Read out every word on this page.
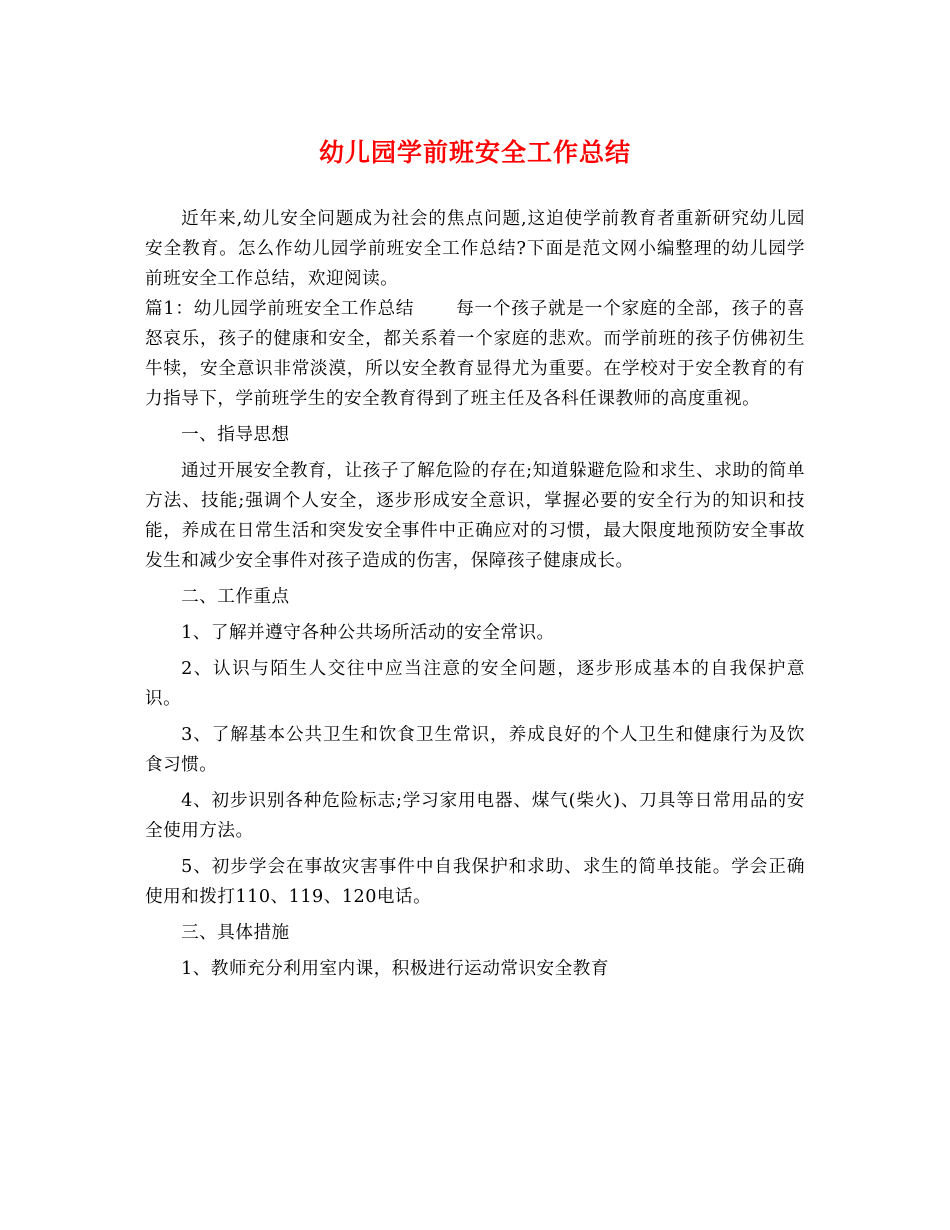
幼儿园学前班安全工作总结

近年来,幼儿安全问题成为社会的焦点问题,这迫使学前教育者重新研究幼儿园安全教育。怎么作幼儿园学前班安全工作总结?下面是范文网小编整理的幼儿园学前班安全工作总结，欢迎阅读。

篇1：幼儿园学前班安全工作总结 每一个孩子就是一个家庭的全部，孩子的喜怒哀乐，孩子的健康和安全，都关系着一个家庭的悲欢。而学前班的孩子仿佛初生牛犊，安全意识非常淡漠，所以安全教育显得尤为重要。在学校对于安全教育的有力指导下，学前班学生的安全教育得到了班主任及各科任课教师的高度重视。

一、指导思想

通过开展安全教育，让孩子了解危险的存在;知道躲避危险和求生、求助的简单方法、技能;强调个人安全，逐步形成安全意识，掌握必要的安全行为的知识和技能，养成在日常生活和突发安全事件中正确应对的习惯，最大限度地预防安全事故发生和减少安全事件对孩子造成的伤害，保障孩子健康成长。

二、工作重点

1、了解并遵守各种公共场所活动的安全常识。

2、认识与陌生人交往中应当注意的安全问题，逐步形成基本的自我保护意识。

3、了解基本公共卫生和饮食卫生常识，养成良好的个人卫生和健康行为及饮食习惯。

4、初步识别各种危险标志;学习家用电器、煤气(柴火)、刀具等日常用品的安全使用方法。

5、初步学会在事故灾害事件中自我保护和求助、求生的简单技能。学会正确使用和拨打110、119、120电话。

三、具体措施

1、教师充分利用室内课，积极进行运动常识安全教育
